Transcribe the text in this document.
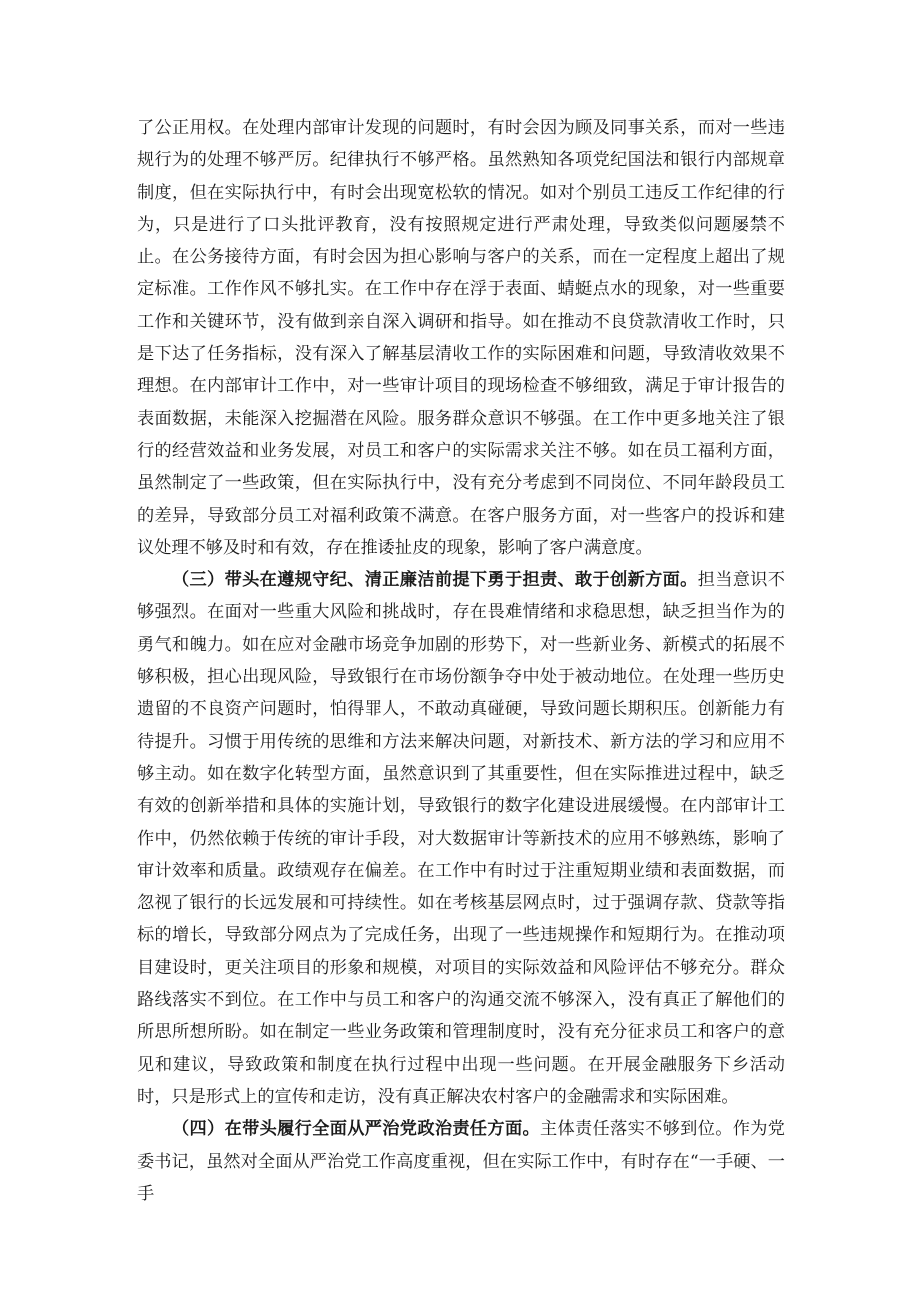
了公正用权。在处理内部审计发现的问题时，有时会因为顾及同事关系，而对一些违规行为的处理不够严厉。纪律执行不够严格。虽然熟知各项党纪国法和银行内部规章制度，但在实际执行中，有时会出现宽松软的情况。如对个别员工违反工作纪律的行为，只是进行了口头批评教育，没有按照规定进行严肃处理，导致类似问题屡禁不止。在公务接待方面，有时会因为担心影响与客户的关系，而在一定程度上超出了规定标准。工作作风不够扎实。在工作中存在浮于表面、蜻蜓点水的现象，对一些重要工作和关键环节，没有做到亲自深入调研和指导。如在推动不良贷款清收工作时，只是下达了任务指标，没有深入了解基层清收工作的实际困难和问题，导致清收效果不理想。在内部审计工作中，对一些审计项目的现场检查不够细致，满足于审计报告的表面数据，未能深入挖掘潜在风险。服务群众意识不够强。在工作中更多地关注了银行的经营效益和业务发展，对员工和客户的实际需求关注不够。如在员工福利方面，虽然制定了一些政策，但在实际执行中，没有充分考虑到不同岗位、不同年龄段员工的差异，导致部分员工对福利政策不满意。在客户服务方面，对一些客户的投诉和建议处理不够及时和有效，存在推诿扯皮的现象，影响了客户满意度。

（三）带头在遵规守纪、清正廉洁前提下勇于担责、敢于创新方面。担当意识不够强烈。在面对一些重大风险和挑战时，存在畏难情绪和求稳思想，缺乏担当作为的勇气和魄力。如在应对金融市场竞争加剧的形势下，对一些新业务、新模式的拓展不够积极，担心出现风险，导致银行在市场份额争夺中处于被动地位。在处理一些历史遗留的不良资产问题时，怕得罪人，不敢动真碰硬，导致问题长期积压。创新能力有待提升。习惯于用传统的思维和方法来解决问题，对新技术、新方法的学习和应用不够主动。如在数字化转型方面，虽然意识到了其重要性，但在实际推进过程中，缺乏有效的创新举措和具体的实施计划，导致银行的数字化建设进展缓慢。在内部审计工作中，仍然依赖于传统的审计手段，对大数据审计等新技术的应用不够熟练，影响了审计效率和质量。政绩观存在偏差。在工作中有时过于注重短期业绩和表面数据，而忽视了银行的长远发展和可持续性。如在考核基层网点时，过于强调存款、贷款等指标的增长，导致部分网点为了完成任务，出现了一些违规操作和短期行为。在推动项目建设时，更关注项目的形象和规模，对项目的实际效益和风险评估不够充分。群众路线落实不到位。在工作中与员工和客户的沟通交流不够深入，没有真正了解他们的所思所想所盼。如在制定一些业务政策和管理制度时，没有充分征求员工和客户的意见和建议，导致政策和制度在执行过程中出现一些问题。在开展金融服务下乡活动时，只是形式上的宣传和走访，没有真正解决农村客户的金融需求和实际困难。

（四）在带头履行全面从严治党政治责任方面。主体责任落实不够到位。作为党委书记，虽然对全面从严治党工作高度重视，但在实际工作中，有时存在“一手硬、一手
